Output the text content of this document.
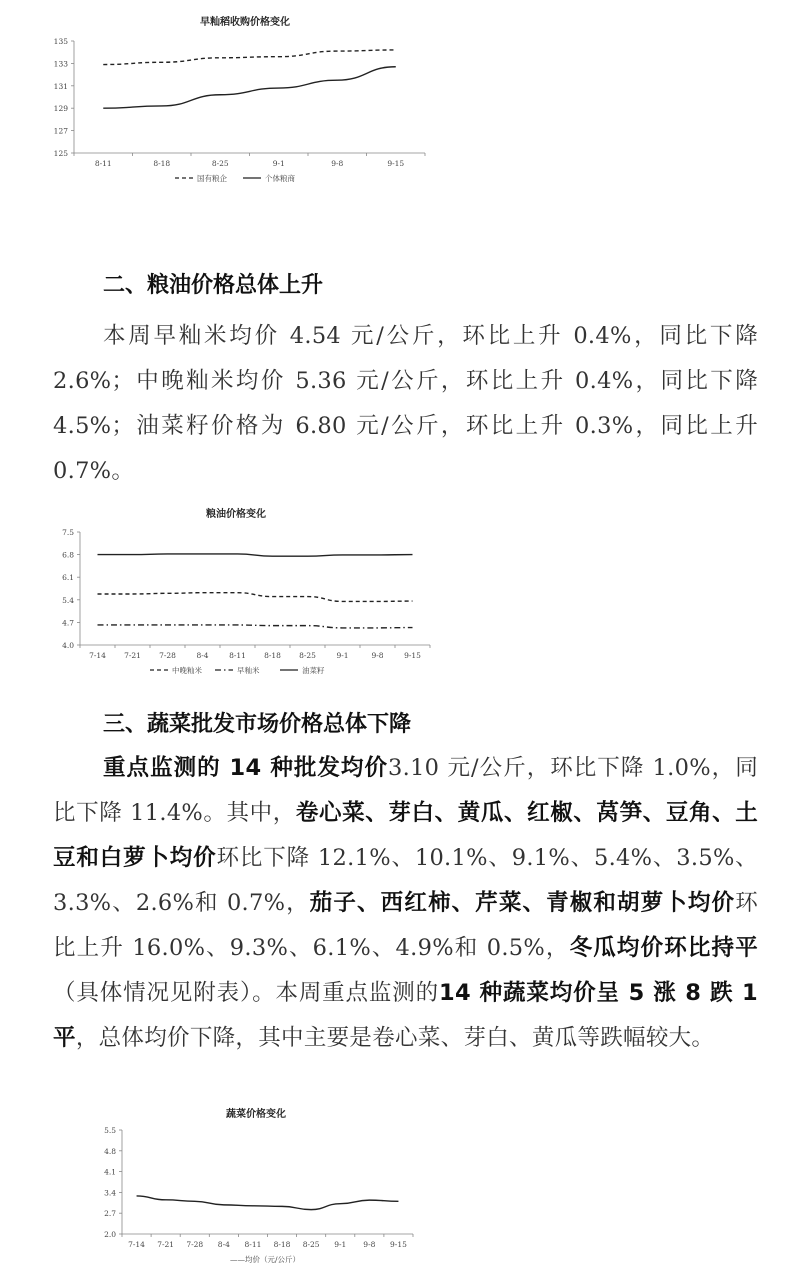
早籼稻收购价格变化
135
133
131
129
127
125
8-11	8-18	8-25	9-1	9-8	9-15
国有粮企	个体粮商
二、粮油价格总体上升
本周早籼米均价 4.54 元/公斤，环比上升 0.4%，同比下降 2.6%；中晚籼米均价 5.36 元/公斤，环比上升 0.4%，同比下降 4.5%；油菜籽价格为 6.80 元/公斤，环比上升 0.3%，同比上升 0.7%。
粮油价格变化
7.5
6.8
6.1
5.4
4.7
4.0
7-14 7-21 7-28	8-4	8-11 8-18 8-25	9-1	9-8	9-15
中晚籼米	早籼米	油菜籽
三、蔬菜批发市场价格总体下降
重点监测的 14 种批发均价3.10 元/公斤，环比下降 1.0%，同比下降 11.4%。其中，卷心菜、芽白、黄瓜、红椒、莴笋、豆角、土豆和白萝卜均价环比下降 12.1%、10.1%、9.1%、5.4%、3.5%、3.3%、2.6%和 0.7%，茄子、西红柿、芹菜、青椒和胡萝卜均价环比上升 16.0%、9.3%、6.1%、4.9%和 0.5%，冬瓜均价环比持平（具体情况见附表）。本周重点监测的14 种蔬菜均价呈 5 涨 8 跌 1 平，总体均价下降，其中主要是卷心菜、芽白、黄瓜等跌幅较大。
蔬菜价格变化
5.5
4.8
4.1
3.4
2.7
2.0
7-14 7-21 7-28 8-4 8-11 8-18 8-25 9-1 9-8 9-15
——均价（元/公斤）
